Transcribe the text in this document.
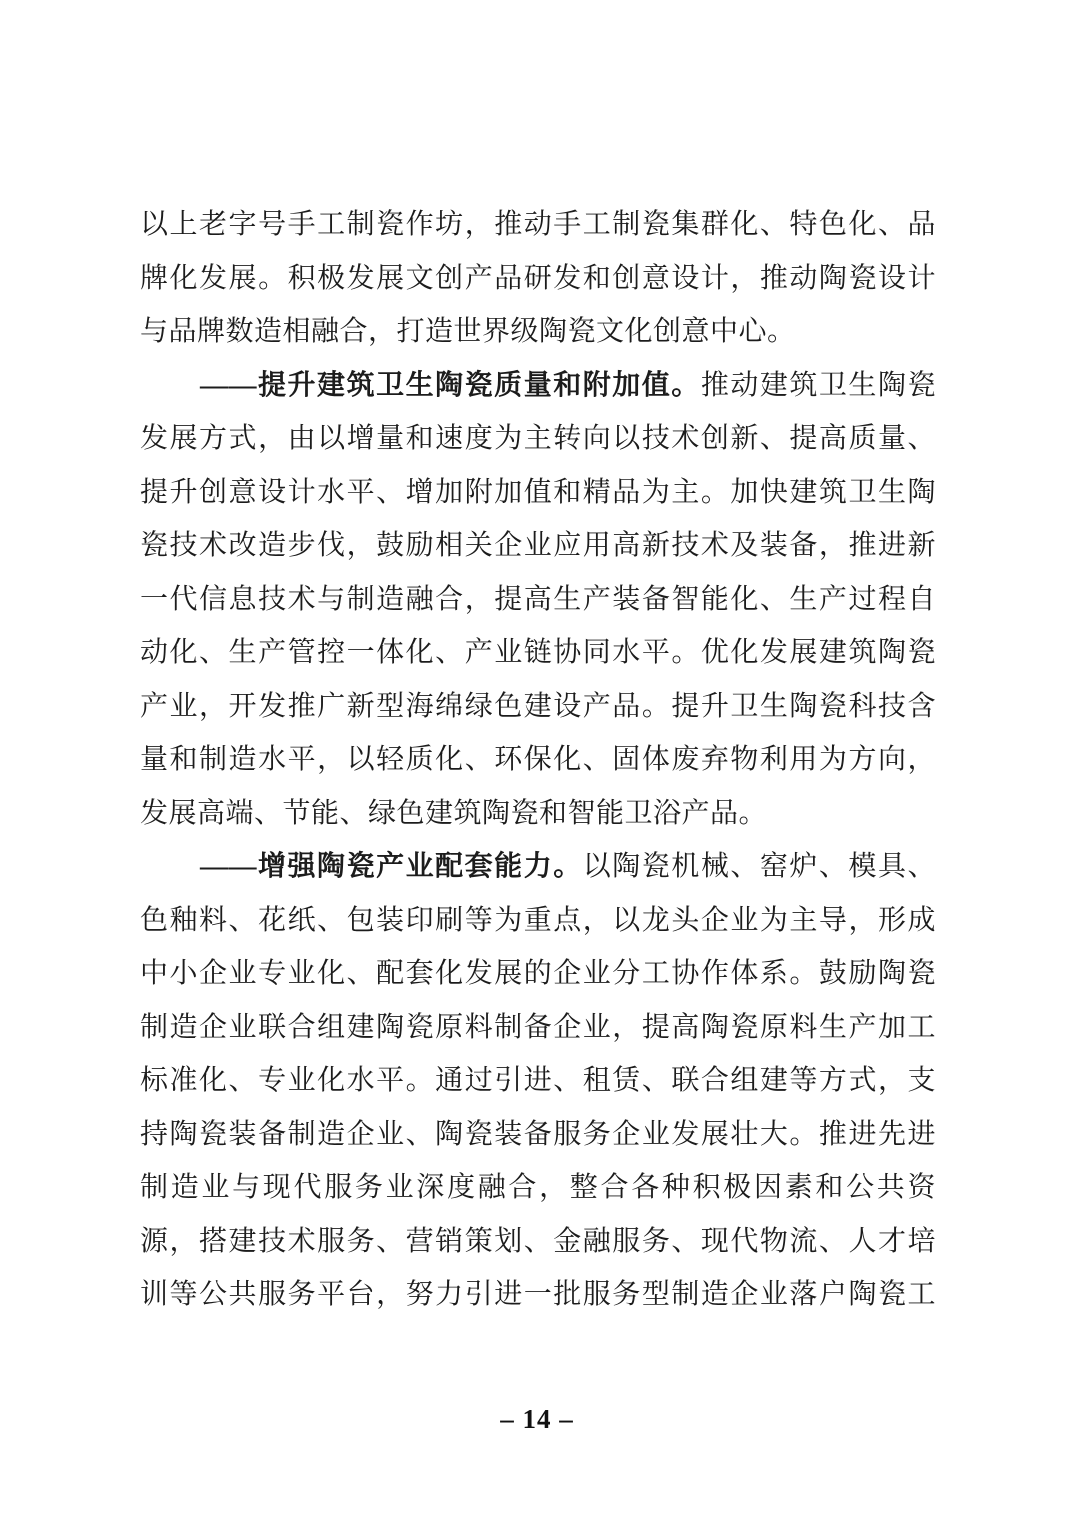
以上老字号手工制瓷作坊，推动手工制瓷集群化、特色化、品
牌化发展。积极发展文创产品研发和创意设计，推动陶瓷设计
与品牌数造相融合，打造世界级陶瓷文化创意中心。
——提升建筑卫生陶瓷质量和附加值。推动建筑卫生陶瓷
发展方式，由以增量和速度为主转向以技术创新、提高质量、
提升创意设计水平、增加附加值和精品为主。加快建筑卫生陶
瓷技术改造步伐，鼓励相关企业应用高新技术及装备，推进新
一代信息技术与制造融合，提高生产装备智能化、生产过程自
动化、生产管控一体化、产业链协同水平。优化发展建筑陶瓷
产业，开发推广新型海绵绿色建设产品。提升卫生陶瓷科技含
量和制造水平，以轻质化、环保化、固体废弃物利用为方向，
发展高端、节能、绿色建筑陶瓷和智能卫浴产品。
——增强陶瓷产业配套能力。以陶瓷机械、窑炉、模具、
色釉料、花纸、包装印刷等为重点，以龙头企业为主导，形成
中小企业专业化、配套化发展的企业分工协作体系。鼓励陶瓷
制造企业联合组建陶瓷原料制备企业，提高陶瓷原料生产加工
标准化、专业化水平。通过引进、租赁、联合组建等方式，支
持陶瓷装备制造企业、陶瓷装备服务企业发展壮大。推进先进
制造业与现代服务业深度融合，整合各种积极因素和公共资
源，搭建技术服务、营销策划、金融服务、现代物流、人才培
训等公共服务平台，努力引进一批服务型制造企业落户陶瓷工
– 14 –
